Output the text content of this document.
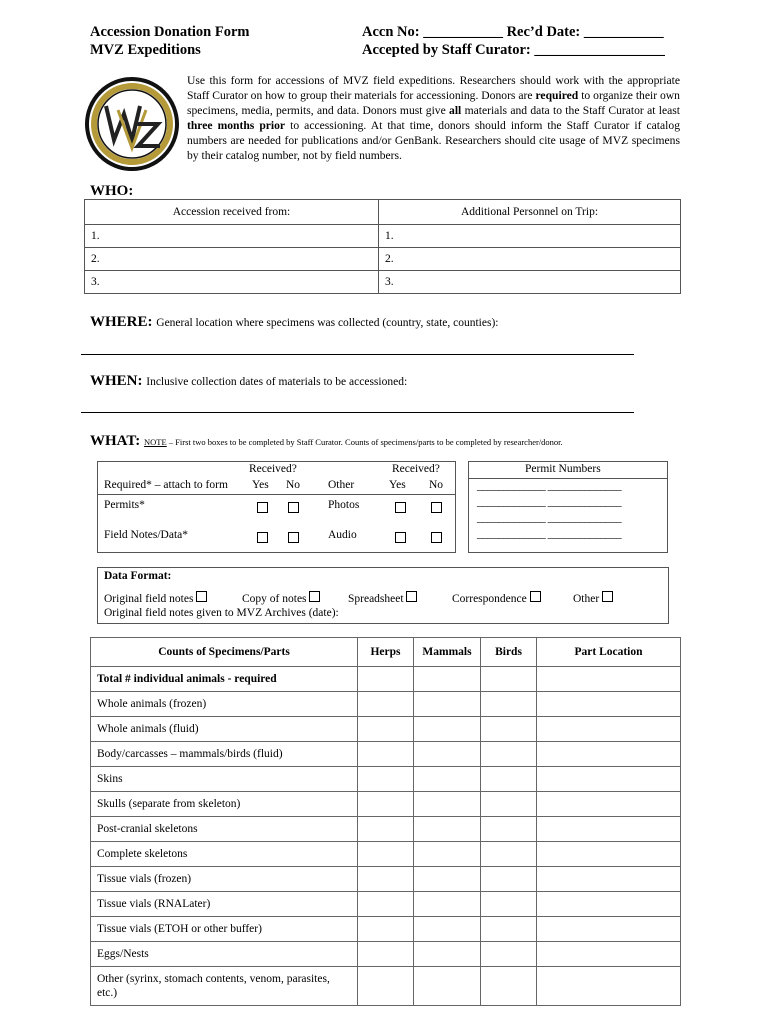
Accession Donation Form
MVZ Expeditions
Accn No: ___________ Rec’d Date: ___________
Accepted by Staff Curator: __________________
Use this form for accessions of MVZ field expeditions. Researchers should work with the appropriate Staff Curator on how to group their materials for accessioning. Donors are required to organize their own specimens, media, permits, and data. Donors must give all materials and data to the Staff Curator at least three months prior to accessioning. At that time, donors should inform the Staff Curator if catalog numbers are needed for publications and/or GenBank. Researchers should cite usage of MVZ specimens by their catalog number, not by field numbers.
WHO:
Accession received from:	Additional Personnel on Trip:
1.	1.
2.	2.
3.	3.
WHERE: General location where specimens was collected (country, state, counties):
WHEN: Inclusive collection dates of materials to be accessioned:
WHAT: NOTE – First two boxes to be completed by Staff Curator. Counts of specimens/parts to be completed by researcher/donor.
Received?	Received?
Required* – attach to form Yes No Other	Yes No
Permits*	Photos
Field Notes/Data*	Audio
Permit Numbers
_____________ ______________
_____________ ______________
_____________ ______________
_____________ ______________
Data Format:
Original field notes	Copy of notes	Spreadsheet	Correspondence	Other
Original field notes given to MVZ Archives (date):
Counts of Specimens/Parts	Herps	Mammals	Birds	Part Location
Total # individual animals - required				
Whole animals (frozen)				
Whole animals (fluid)				
Body/carcasses – mammals/birds (fluid)				
Skins				
Skulls (separate from skeleton)				
Post-cranial skeletons				
Complete skeletons				
Tissue vials (frozen)				
Tissue vials (RNALater)				
Tissue vials (ETOH or other buffer)				
Eggs/Nests				
Other (syrinx, stomach contents, venom, parasites, etc.)				
